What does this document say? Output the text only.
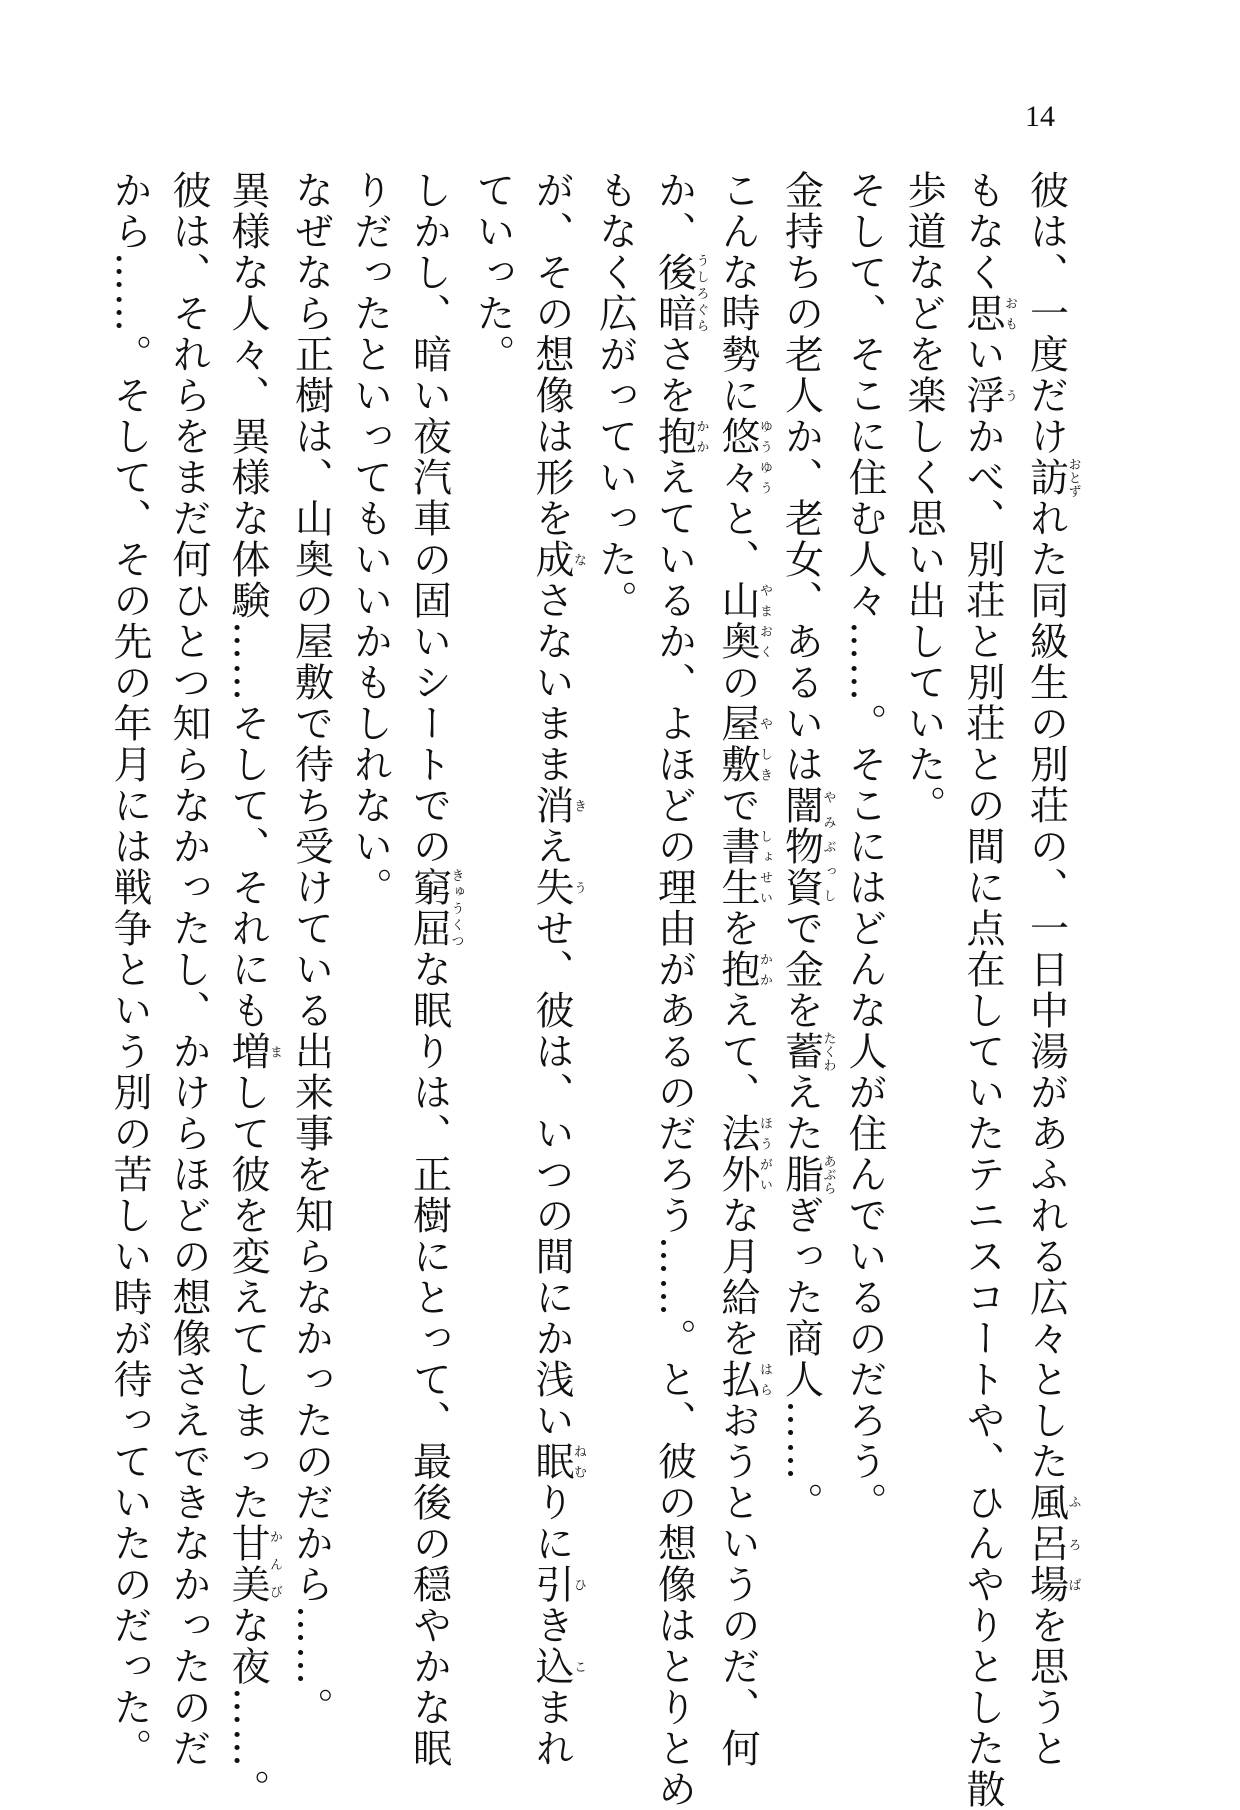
14
彼は、一度だけ訪おとずれた同級生の別荘の、一日中湯があふれる広々とした風呂ふろ場ばを思うと
もなく思おもい浮うかべ、別荘と別荘との間に点在していたテニスコートや、ひんやりとした散
歩道などを楽しく思い出していた。
そして、そこに住む人々……。そこにはどんな人が住んでいるのだろう。
金持ちの老人か、老女、あるいは闇物資やみぶっしで金を蓄たくわえた脂あぶらぎった商人……。
こんな時勢に悠々ゆうゆうと、山奥やまおくの屋や敷しきで書生しょせいを抱かかえて、法外ほうがいな月給を払はらおうというのだ、何
か、後暗うしろぐらさを抱かかえているか、よほどの理由があるのだろう……。と、彼の想像はとりとめ
もなく広がっていった。
が、その想像は形を成なさないまま消きえ失うせ、彼は、いつの間にか浅い眠ねむりに引ひき込こまれ
ていった。
しかし、暗い夜汽車の固いシートでの窮屈きゅうくつな眠りは、正樹にとって、最後の穏やかな眠
りだったといってもいいかもしれない。
なぜなら正樹は、山奥の屋敷で待ち受けている出来事を知らなかったのだから……。
異様な人々、異様な体験……そして、それにも増まして彼を変えてしまった甘美かんびな夜……。
彼は、それらをまだ何ひとつ知らなかったし、かけらほどの想像さえできなかったのだ
から……。そして、その先の年月には戦争という別の苦しい時が待っていたのだった。
